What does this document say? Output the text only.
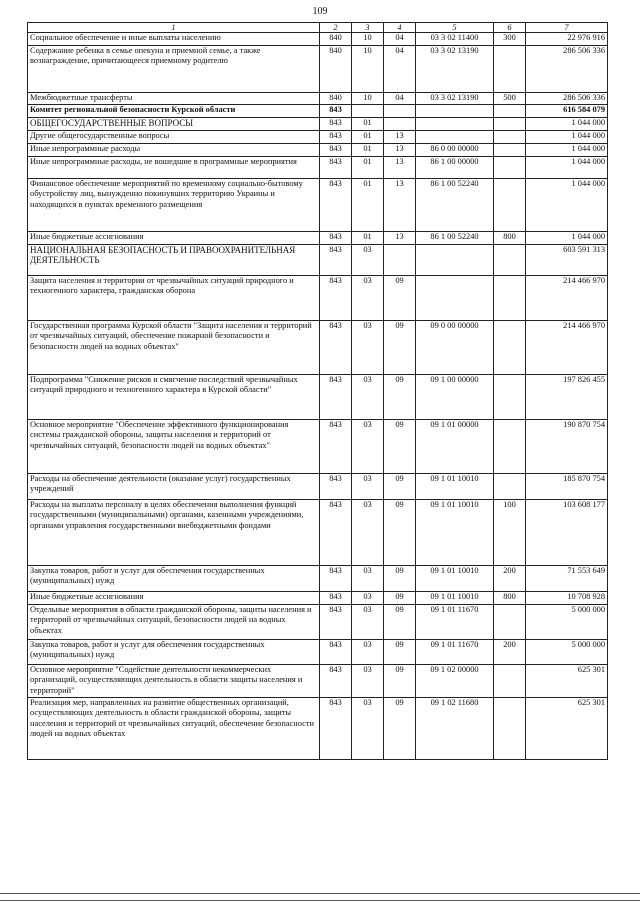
109
1	2	3	4	5	6	7
Социальное обеспечение и иные выплаты населению	840	10	04	03 3 02 11400	300	22 976 916
Содержание ребенка в семье опекуна и приемной семье, а также вознаграждение, причитающееся приемному родителю	840	10	04	03 3 02 13190		286 506 336
Межбюджетные трансферты	840	10	04	03 3 02 13190	500	286 506 336
Комитет региональной безопасности Курской области	843					616 584 079
ОБЩЕГОСУДАРСТВЕННЫЕ ВОПРОСЫ	843	01				1 044 000
Другие общегосударственные вопросы	843	01	13			1 044 000
Иные непрограммные расходы	843	01	13	86 0 00 00000		1 044 000
Иные непрограммные расходы, не вошедшие в программные мероприятия	843	01	13	86 1 00 00000		1 044 000
Финансовое обеспечение мероприятий по временному социально-бытовому обустройству лиц, вынужденно покинувших территорию Украины и находящихся в пунктах временного размещения	843	01	13	86 1 00 52240		1 044 000
Иные бюджетные ассигнования	843	01	13	86 1 00 52240	800	1 044 000
НАЦИОНАЛЬНАЯ БЕЗОПАСНОСТЬ И ПРАВООХРАНИТЕЛЬНАЯ ДЕЯТЕЛЬНОСТЬ	843	03				603 591 313
Защита населения и территории от чрезвычайных ситуаций природного и техногенного характера, гражданская оборона	843	03	09			214 466 970
Государственная программа Курской области "Защита населения и территорий от чрезвычайных ситуаций, обеспечение пожарной безопасности и безопасности людей на водных объектах"	843	03	09	09 0 00 00000		214 466 970
Подпрограмма "Снижение рисков и смягчение последствий чрезвычайных ситуаций природного и техногенного характера в Курской области"	843	03	09	09 1 00 00000		197 826 455
Основное мероприятие "Обеспечение эффективного функционирования системы гражданской обороны, защиты населения и территорий от чрезвычайных ситуаций, безопасности людей на водных объектах"	843	03	09	09 1 01 00000		190 870 754
Расходы на обеспечение деятельности (оказание услуг) государственных учреждений	843	03	09	09 1 01 10010		185 870 754
Расходы на выплаты персоналу в целях обеспечения выполнения функций государственными (муниципальными) органами, казенными учреждениями, органами управления государственными внебюджетными фондами	843	03	09	09 1 01 10010	100	103 608 177
Закупка товаров, работ и услуг для обеспечения государственных (муниципальных) нужд	843	03	09	09 1 01 10010	200	71 553 649
Иные бюджетные ассигнования	843	03	09	09 1 01 10010	800	10 708 928
Отдельные мероприятия в области гражданской обороны, защиты населения и территорий от чрезвычайных ситуаций, безопасности людей на водных объектах	843	03	09	09 1 01 11670		5 000 000
Закупка товаров, работ и услуг для обеспечения государственных (муниципальных) нужд	843	03	09	09 1 01 11670	200	5 000 000
Основное мероприятие "Содействие деятельности некоммерческих организаций, осуществляющих деятельность в области защиты населения и территорий"	843	03	09	09 1 02 00000		625 301
Реализация мер, направленных на развитие общественных организаций, осуществляющих деятельность в области гражданской обороны, защиты населения и территорий от чрезвычайных ситуаций, обеспечение безопасности людей на водных объектах	843	03	09	09 1 02 11680		625 301
